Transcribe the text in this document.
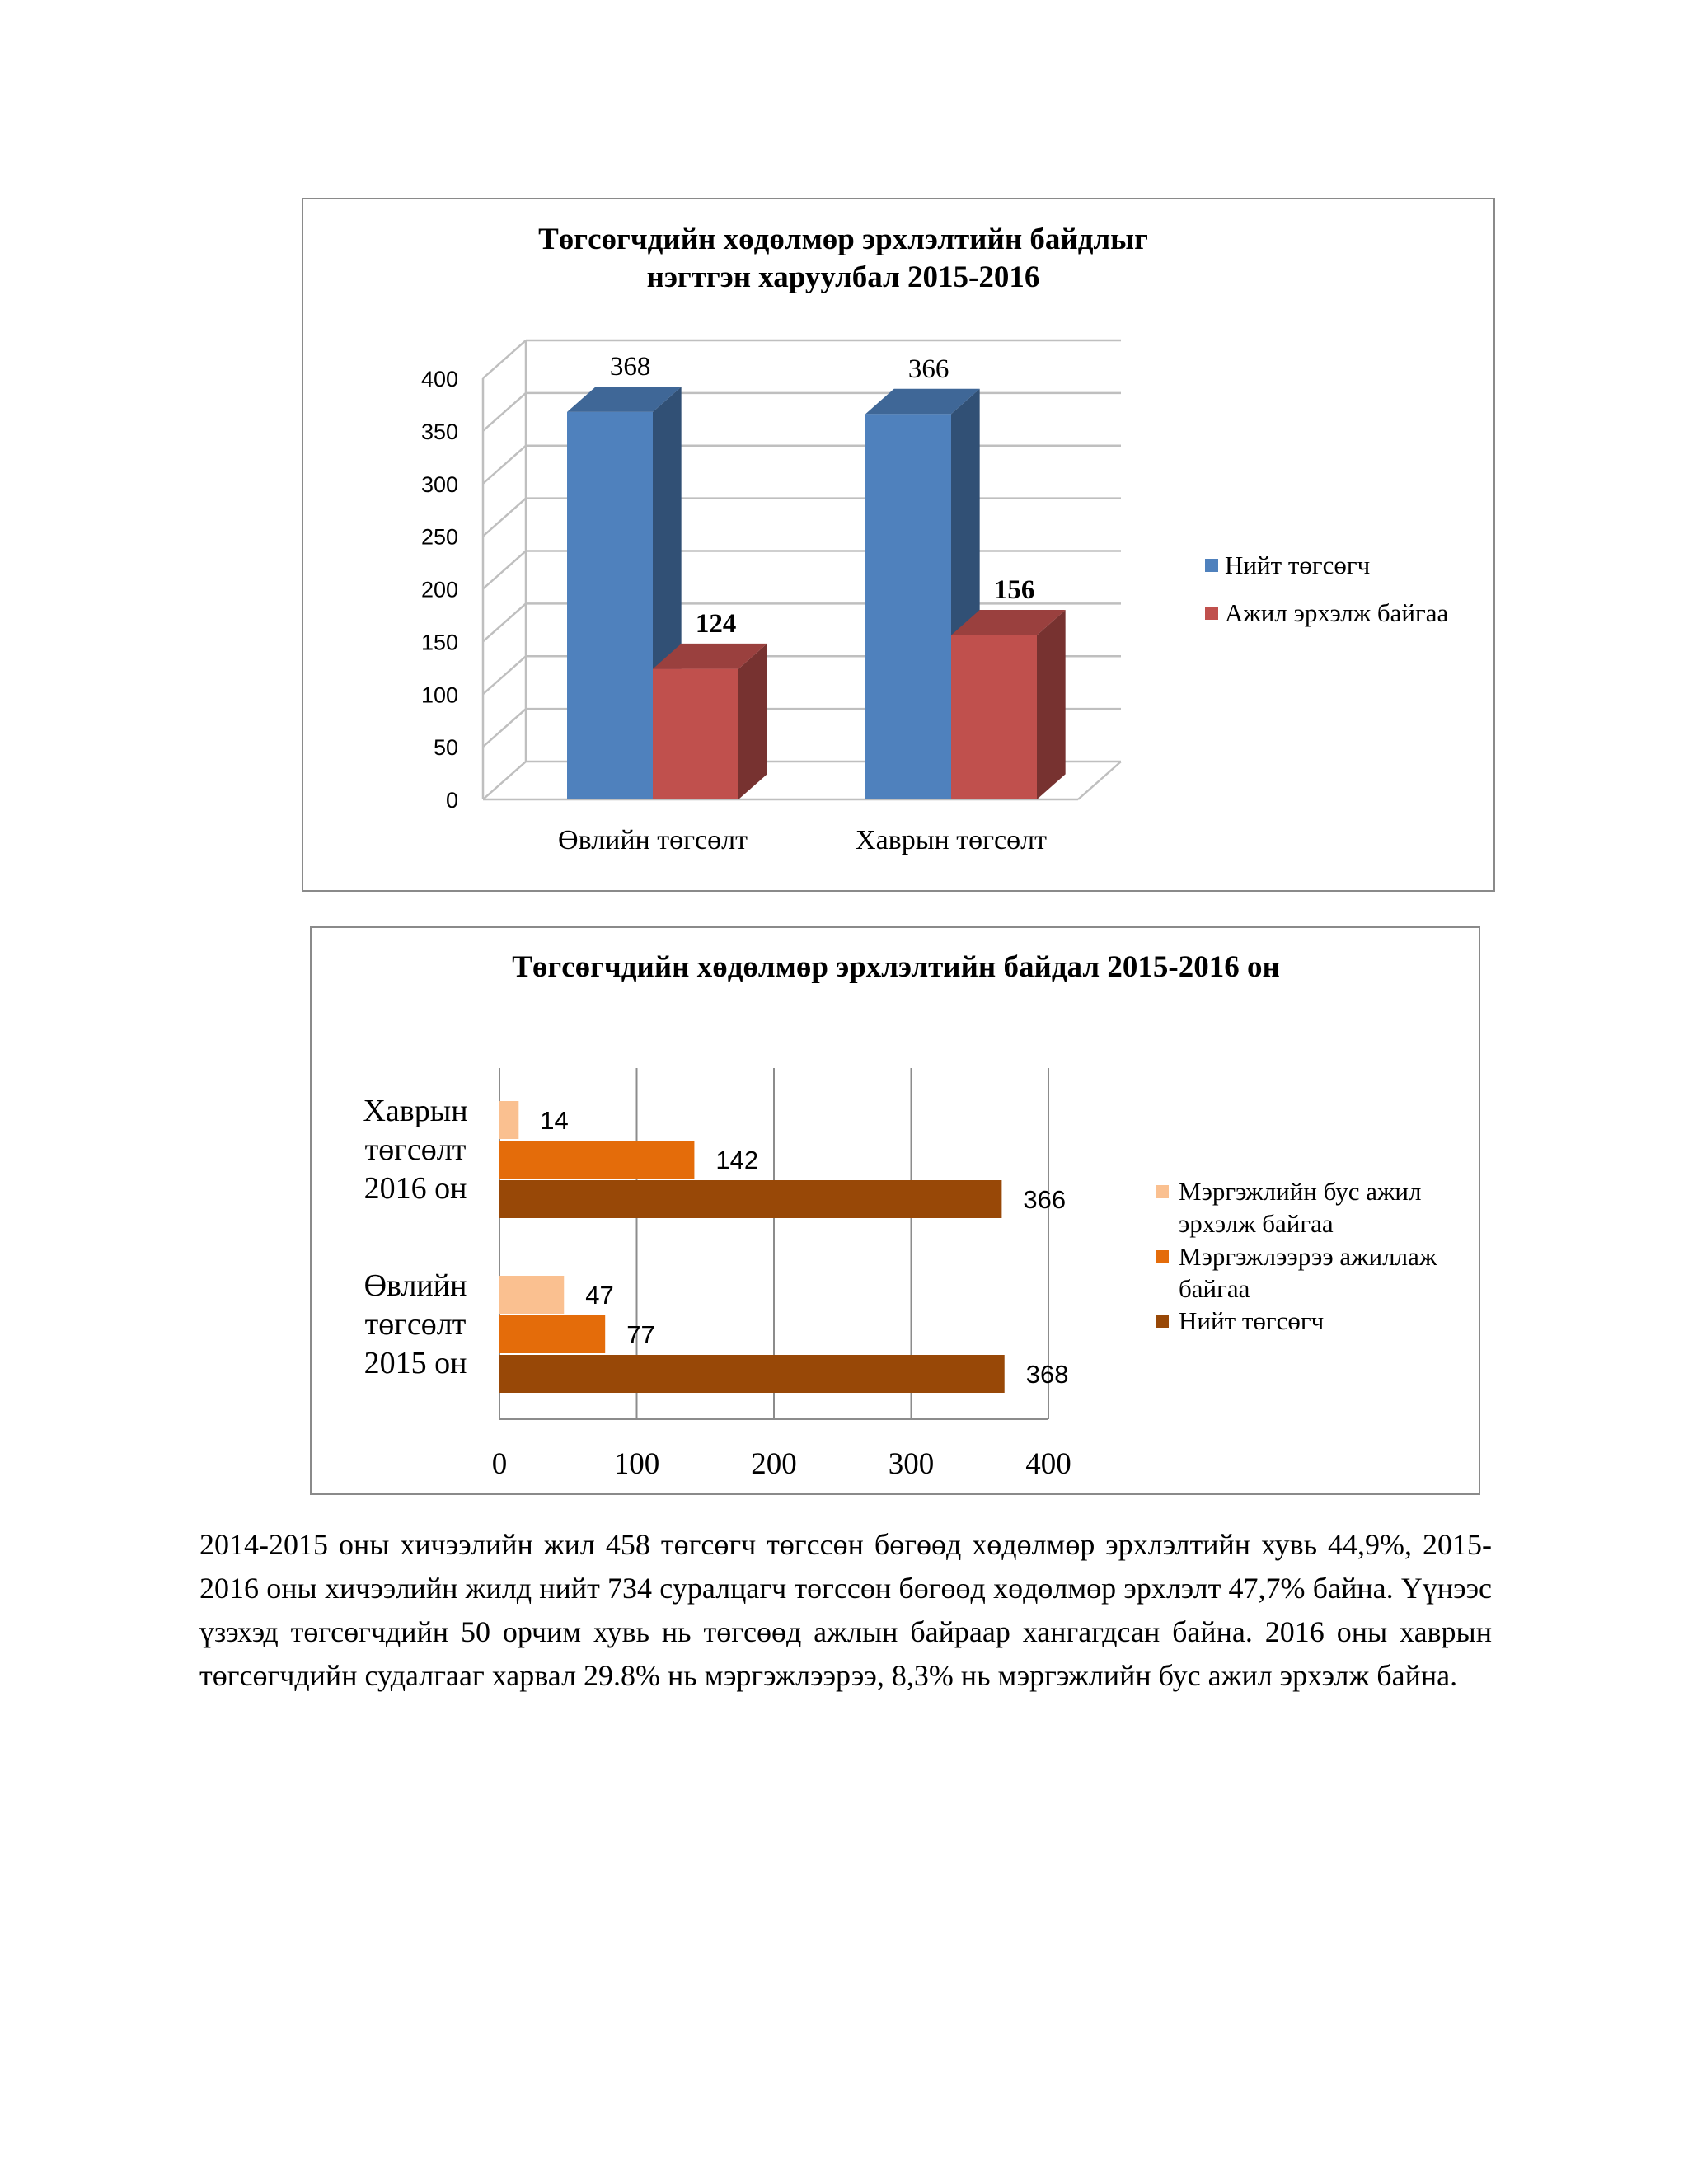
Төгсөгчдийн хөдөлмөр эрхлэлтийн байдлыг нэгтгэн харуулбал 2015-2016
0
50
100
150
200
250
300
350
400
Өвлийн төгсөлт	Хаврын төгсөлт
368
124
366
156
Нийт төгсөгч
Ажил эрхэлж байгаа
Төгсөгчдийн хөдөлмөр эрхлэлтийн байдал 2015-2016 он
0	100	200	300	400
14
142
366
Хаврын
төгсөлт
2016 он
47
77
368
Өвлийн
төгсөлт
2015 он
Мэргэжлийн бус ажил
эрхэлж байгаа
Мэргэжлээрээ ажиллаж
байгаа
Нийт төгсөгч

2014-2015 оны хичээлийн жил 458 төгсөгч төгссөн бөгөөд хөдөлмөр эрхлэлтийн хувь 44,9%, 2015-2016 оны хичээлийн жилд нийт 734 суралцагч төгссөн бөгөөд хөдөлмөр эрхлэлт 47,7% байна. Үүнээс үзэхэд төгсөгчдийн 50 орчим хувь нь төгсөөд ажлын байраар хангагдсан байна. 2016 оны хаврын төгсөгчдийн судалгааг харвал 29.8% нь мэргэжлээрээ, 8,3% нь мэргэжлийн бус ажил эрхэлж байна.
